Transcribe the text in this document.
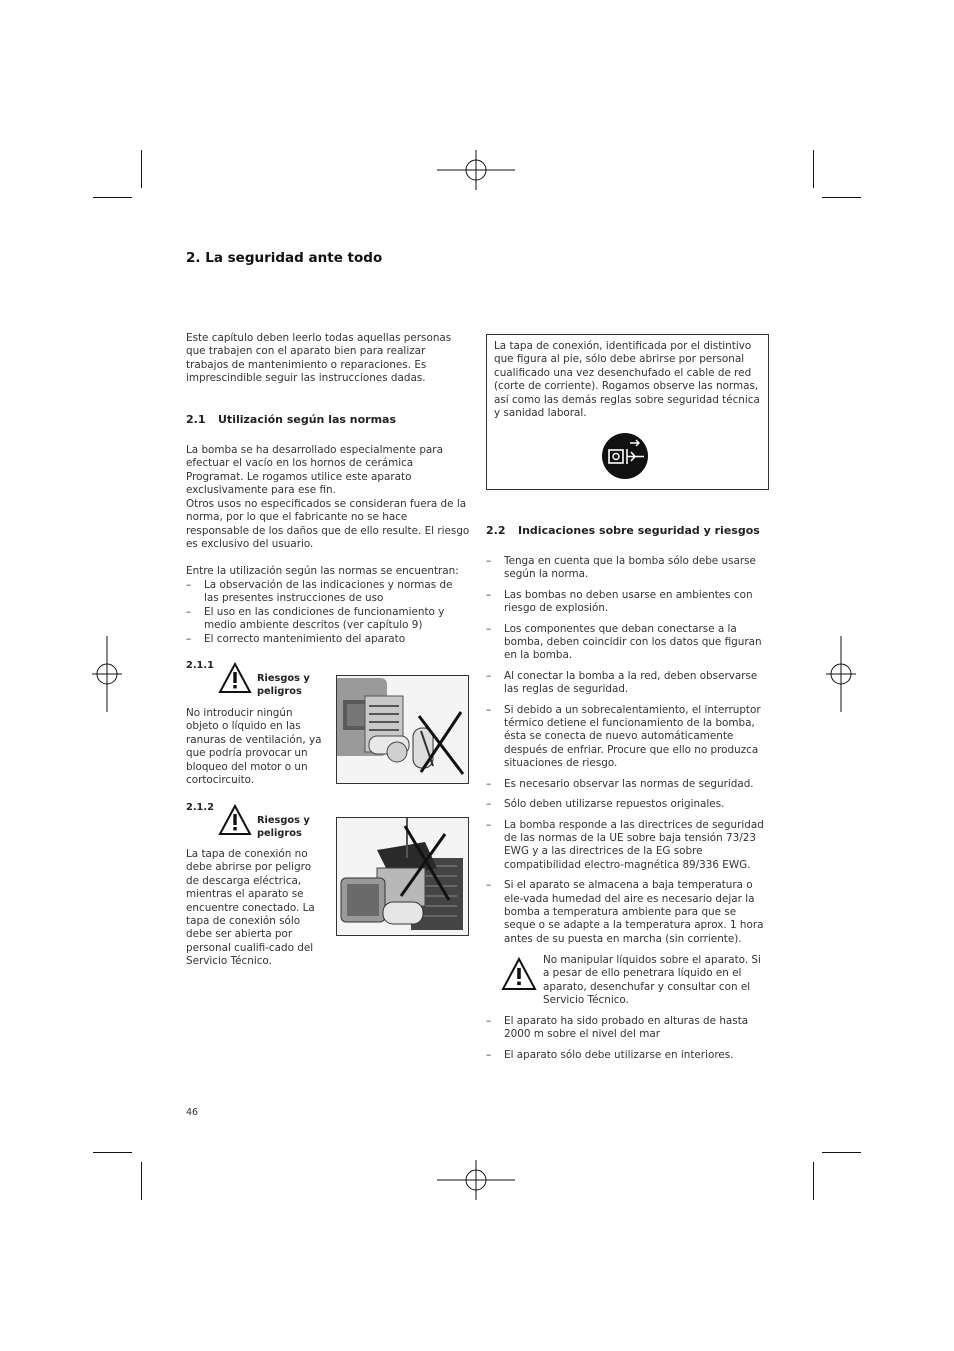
2. La seguridad ante todo

Este capítulo deben leerlo todas aquellas personas que trabajen con el aparato bien para realizar trabajos de mantenimiento o reparaciones. Es imprescindible seguir las instrucciones dadas.

2.1 Utilización según las normas

La bomba se ha desarrollado especialmente para efectuar el vacío en los hornos de cerámica Programat. Le rogamos utilice este aparato exclusivamente para ese fin.

Otros usos no especificados se consideran fuera de la norma, por lo que el fabricante no se hace responsable de los daños que de ello resulte. El riesgo es exclusivo del usuario.

Entre la utilización según las normas se encuentran:

– La observación de las indicaciones y normas de las presentes instrucciones de uso
– El uso en las condiciones de funcionamiento y medio ambiente descritos (ver capítulo 9)
– El correcto mantenimiento del aparato

2.1.1

Riesgos y peligros

No introducir ningún objeto o líquido en las ranuras de ventilación, ya que podría provocar un bloqueo del motor o un cortocircuito.

2.1.2

Riesgos y peligros

La tapa de conexión no debe abrirse por peligro de descarga eléctrica, mientras el aparato se encuentre conectado. La tapa de conexión sólo debe ser abierta por personal cualifi-cado del Servicio Técnico.

La tapa de conexión, identificada por el distintivo que figura al pie, sólo debe abrirse por personal cualificado una vez desenchufado el cable de red (corte de corriente). Rogamos observe las normas, así como las demás reglas sobre seguridad técnica y sanidad laboral.

2.2 Indicaciones sobre seguridad y riesgos

– Tenga en cuenta que la bomba sólo debe usarse según la norma.
– Las bombas no deben usarse en ambientes con riesgo de explosión.
– Los componentes que deban conectarse a la bomba, deben coincidir con los datos que figuran en la bomba.
– Al conectar la bomba a la red, deben observarse las reglas de seguridad.
– Si debido a un sobrecalentamiento, el interruptor térmico detiene el funcionamiento de la bomba, ésta se conecta de nuevo automáticamente después de enfriar. Procure que ello no produzca situaciones de riesgo.
– Es necesario observar las normas de seguridad.
– Sólo deben utilizarse repuestos originales.
– La bomba responde a las directrices de seguridad de las normas de la UE sobre baja tensión 73/23 EWG y a las directrices de la EG sobre compatibilidad electro-magnética 89/336 EWG.
– Si el aparato se almacena a baja temperatura o ele-vada humedad del aire es necesario dejar la bomba a temperatura ambiente para que se seque o se adapte a la temperatura aprox. 1 hora antes de su puesta en marcha (sin corriente).

No manipular líquidos sobre el aparato. Si a pesar de ello penetrara líquido en el aparato, desenchufar y consultar con el Servicio Técnico.

– El aparato ha sido probado en alturas de hasta 2000 m sobre el nivel del mar
– El aparato sólo debe utilizarse en interiores.
46
